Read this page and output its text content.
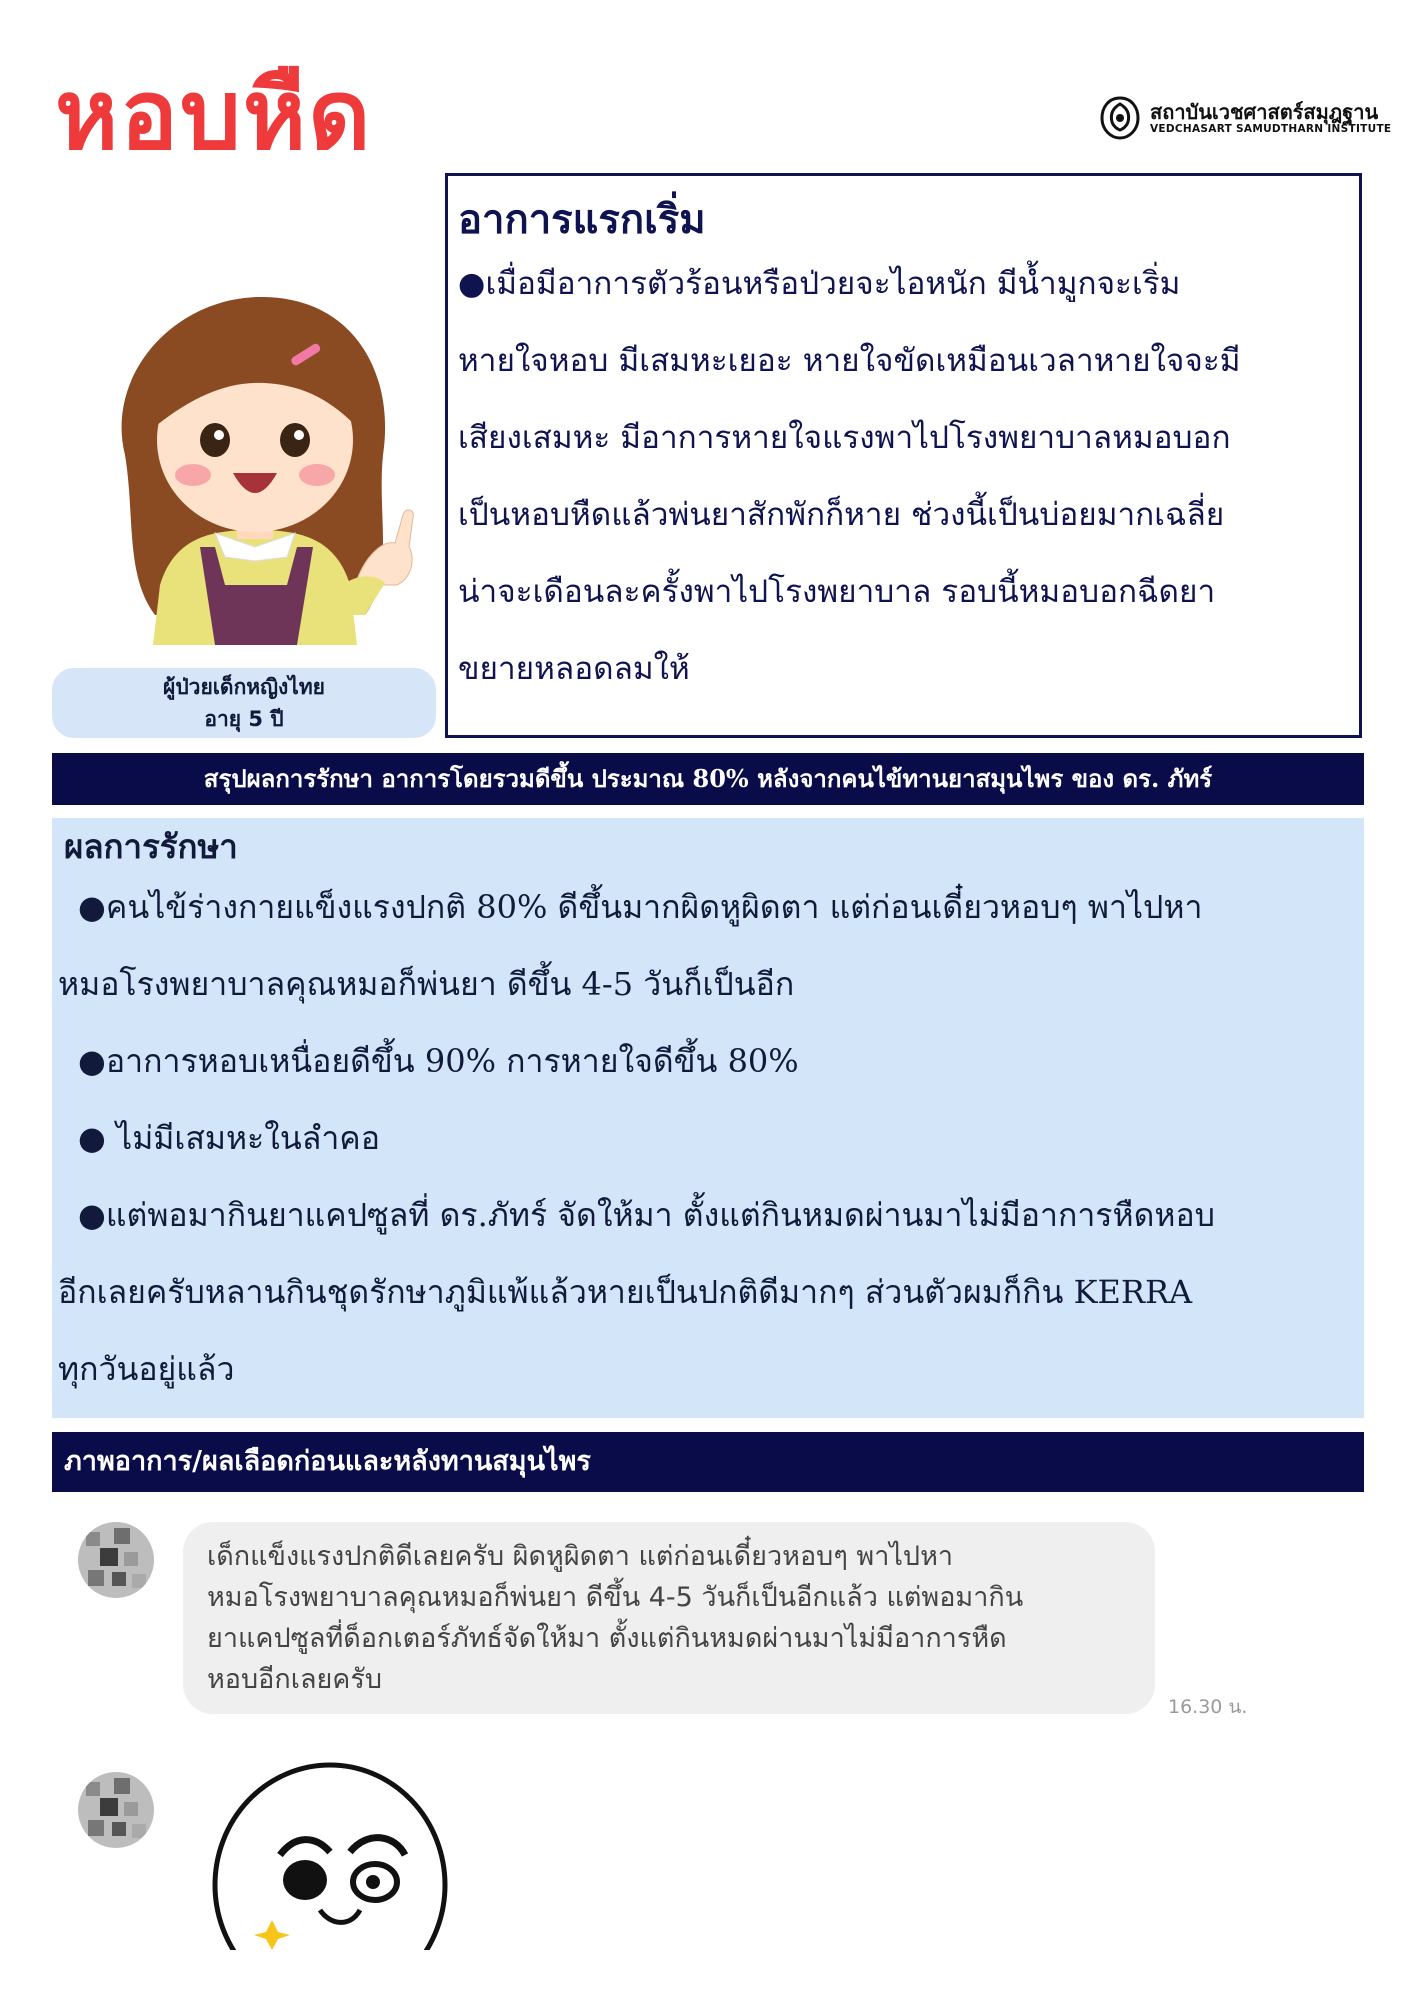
หอบหืด	สถาบันเวชศาสตร์สมุฎฐาน
VEDCHASART SAMUDTHARN INSTITUTE
ผู้ป่วยเด็กหญิงไทย
อายุ 5 ปี
อาการแรกเริ่ม
●เมื่อมีอาการตัวร้อนหรือป่วยจะไอหนัก มีน้ำมูกจะเริ่ม
หายใจหอบ มีเสมหะเยอะ หายใจขัดเหมือนเวลาหายใจจะมี
เสียงเสมหะ มีอาการหายใจแรงพาไปโรงพยาบาลหมอบอก
เป็นหอบหืดแล้วพ่นยาสักพักก็หาย ช่วงนี้เป็นบ่อยมากเฉลี่ย
น่าจะเดือนละครั้งพาไปโรงพยาบาล รอบนี้หมอบอกฉีดยา
ขยายหลอดลมให้
สรุปผลการรักษา อาการโดยรวมดีขึ้น ประมาณ 80% หลังจากคนไข้ทานยาสมุนไพร ของ ดร. ภัทร์
ผลการรักษา
●คนไข้ร่างกายแข็งแรงปกติ 80% ดีขึ้นมากผิดหูผิดตา แต่ก่อนเดี๋ยวหอบๆ พาไปหา
หมอโรงพยาบาลคุณหมอก็พ่นยา ดีขึ้น 4-5 วันก็เป็นอีก
●อาการหอบเหนื่อยดีขึ้น 90% การหายใจดีขึ้น 80%
● ไม่มีเสมหะในลำคอ
●แต่พอมากินยาแคปซูลที่ ดร.ภัทร์ จัดให้มา ตั้งแต่กินหมดผ่านมาไม่มีอาการหืดหอบ
อีกเลยครับหลานกินชุดรักษาภูมิแพ้แล้วหายเป็นปกติดีมากๆ ส่วนตัวผมก็กิน KERRA
ทุกวันอยู่แล้ว
ภาพอาการ/ผลเลือดก่อนและหลังทานสมุนไพร
เด็กแข็งแรงปกติดีเลยครับ ผิดหูผิดตา แต่ก่อนเดี๋ยวหอบๆ พาไปหา
หมอโรงพยาบาลคุณหมอก็พ่นยา ดีขึ้น 4-5 วันก็เป็นอีกแล้ว แต่พอมากิน
ยาแคปซูลที่ด็อกเตอร์ภัทธ์จัดให้มา ตั้งแต่กินหมดผ่านมาไม่มีอาการหืด
หอบอีกเลยครับ
16.30 น.
